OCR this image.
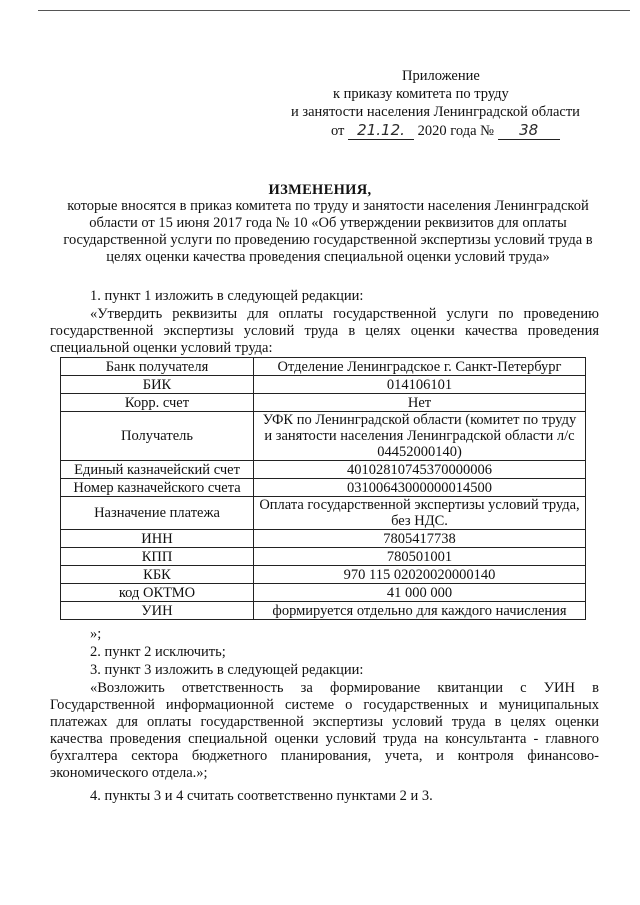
Приложение
к приказу комитета по труду
и занятости населения Ленинградской области
от 21.12. 2020 года № 38
ИЗМЕНЕНИЯ,
которые вносятся в приказ комитета по труду и занятости населения Ленинградской области от 15 июня 2017 года № 10 «Об утверждении реквизитов для оплаты государственной услуги по проведению государственной экспертизы условий труда в целях оценки качества проведения специальной оценки условий труда»
1. пункт 1 изложить в следующей редакции:
«Утвердить реквизиты для оплаты государственной услуги по проведению государственной экспертизы условий труда в целях оценки качества проведения специальной оценки условий труда:
Банк получателя	Отделение Ленинградское г. Санкт-Петербург
БИК	014106101
Корр. счет	Нет
Получатель	УФК по Ленинградской области (комитет по труду и занятости населения Ленинградской области л/с 04452000140)
Единый казначейский счет	40102810745370000006
Номер казначейского счета	03100643000000014500
Назначение платежа	Оплата государственной экспертизы условий труда, без НДС.
ИНН	7805417738
КПП	780501001
КБК	970 115 02020020000140
код ОКТМО	41 000 000
УИН	формируется отдельно для каждого начисления
»;
2. пункт 2 исключить;
3. пункт 3 изложить в следующей редакции:
«Возложить ответственность за формирование квитанции с УИН в Государственной информационной системе о государственных и муниципальных платежах для оплаты государственной экспертизы условий труда в целях оценки качества проведения специальной оценки условий труда на консультанта - главного бухгалтера сектора бюджетного планирования, учета, и контроля финансово-экономического отдела.»;
4. пункты 3 и 4 считать соответственно пунктами 2 и 3.
